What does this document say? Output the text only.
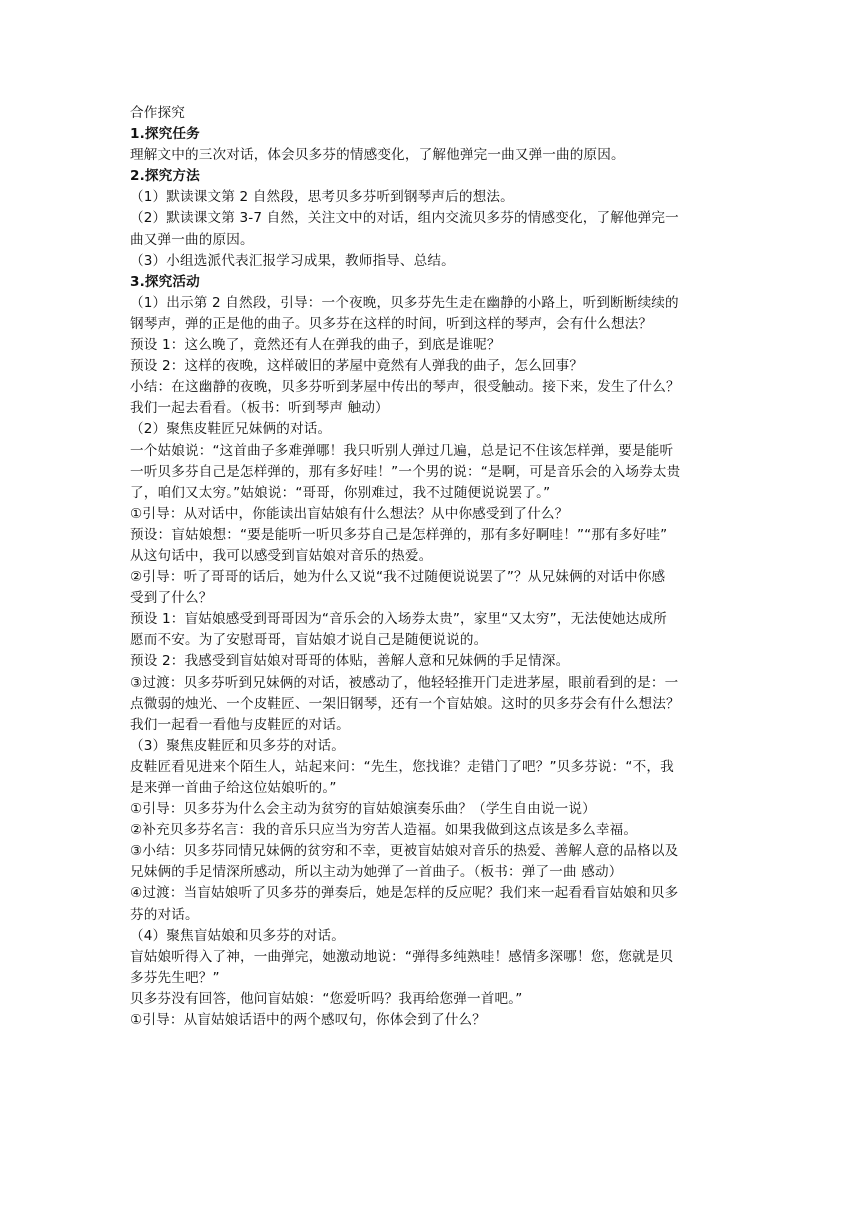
合作探究
1.探究任务
理解文中的三次对话，体会贝多芬的情感变化，了解他弹完一曲又弹一曲的原因。
2.探究方法
（1）默读课文第 2 自然段，思考贝多芬听到钢琴声后的想法。
（2）默读课文第 3-7 自然，关注文中的对话，组内交流贝多芬的情感变化，了解他弹完一
曲又弹一曲的原因。
（3）小组选派代表汇报学习成果，教师指导、总结。
3.探究活动
（1）出示第 2 自然段，引导：一个夜晚，贝多芬先生走在幽静的小路上，听到断断续续的
钢琴声，弹的正是他的曲子。贝多芬在这样的时间，听到这样的琴声，会有什么想法？
预设 1：这么晚了，竟然还有人在弹我的曲子，到底是谁呢？
预设 2：这样的夜晚，这样破旧的茅屋中竟然有人弹我的曲子，怎么回事？
小结：在这幽静的夜晚，贝多芬听到茅屋中传出的琴声，很受触动。接下来，发生了什么？
我们一起去看看。（板书：听到琴声 触动）
（2）聚焦皮鞋匠兄妹俩的对话。
一个姑娘说：“这首曲子多难弹哪！我只听别人弹过几遍，总是记不住该怎样弹，要是能听
一听贝多芬自己是怎样弹的，那有多好哇！”一个男的说：“是啊，可是音乐会的入场券太贵
了，咱们又太穷。”姑娘说：“哥哥，你别难过，我不过随便说说罢了。”
①引导：从对话中，你能读出盲姑娘有什么想法？从中你感受到了什么？
预设：盲姑娘想：“要是能听一听贝多芬自己是怎样弹的，那有多好啊哇！”“那有多好哇”
从这句话中，我可以感受到盲姑娘对音乐的热爱。
②引导：听了哥哥的话后，她为什么又说“我不过随便说说罢了”？从兄妹俩的对话中你感
受到了什么？
预设 1：盲姑娘感受到哥哥因为“音乐会的入场券太贵”，家里“又太穷”，无法使她达成所
愿而不安。为了安慰哥哥，盲姑娘才说自己是随便说说的。
预设 2：我感受到盲姑娘对哥哥的体贴，善解人意和兄妹俩的手足情深。
③过渡：贝多芬听到兄妹俩的对话，被感动了，他轻轻推开门走进茅屋，眼前看到的是：一
点微弱的烛光、一个皮鞋匠、一架旧钢琴，还有一个盲姑娘。这时的贝多芬会有什么想法？
我们一起看一看他与皮鞋匠的对话。
（3）聚焦皮鞋匠和贝多芬的对话。
皮鞋匠看见进来个陌生人，站起来问：“先生，您找谁？走错门了吧？”贝多芬说：“不，我
是来弹一首曲子给这位姑娘听的。”
①引导：贝多芬为什么会主动为贫穷的盲姑娘演奏乐曲？（学生自由说一说）
②补充贝多芬名言：我的音乐只应当为穷苦人造福。如果我做到这点该是多么幸福。
③小结：贝多芬同情兄妹俩的贫穷和不幸，更被盲姑娘对音乐的热爱、善解人意的品格以及
兄妹俩的手足情深所感动，所以主动为她弹了一首曲子。（板书：弹了一曲 感动）
④过渡：当盲姑娘听了贝多芬的弹奏后，她是怎样的反应呢？我们来一起看看盲姑娘和贝多
芬的对话。
（4）聚焦盲姑娘和贝多芬的对话。
盲姑娘听得入了神，一曲弹完，她激动地说：“弹得多纯熟哇！感情多深哪！您，您就是贝
多芬先生吧？”
贝多芬没有回答，他问盲姑娘：“您爱听吗？我再给您弹一首吧。”
①引导：从盲姑娘话语中的两个感叹句，你体会到了什么？
